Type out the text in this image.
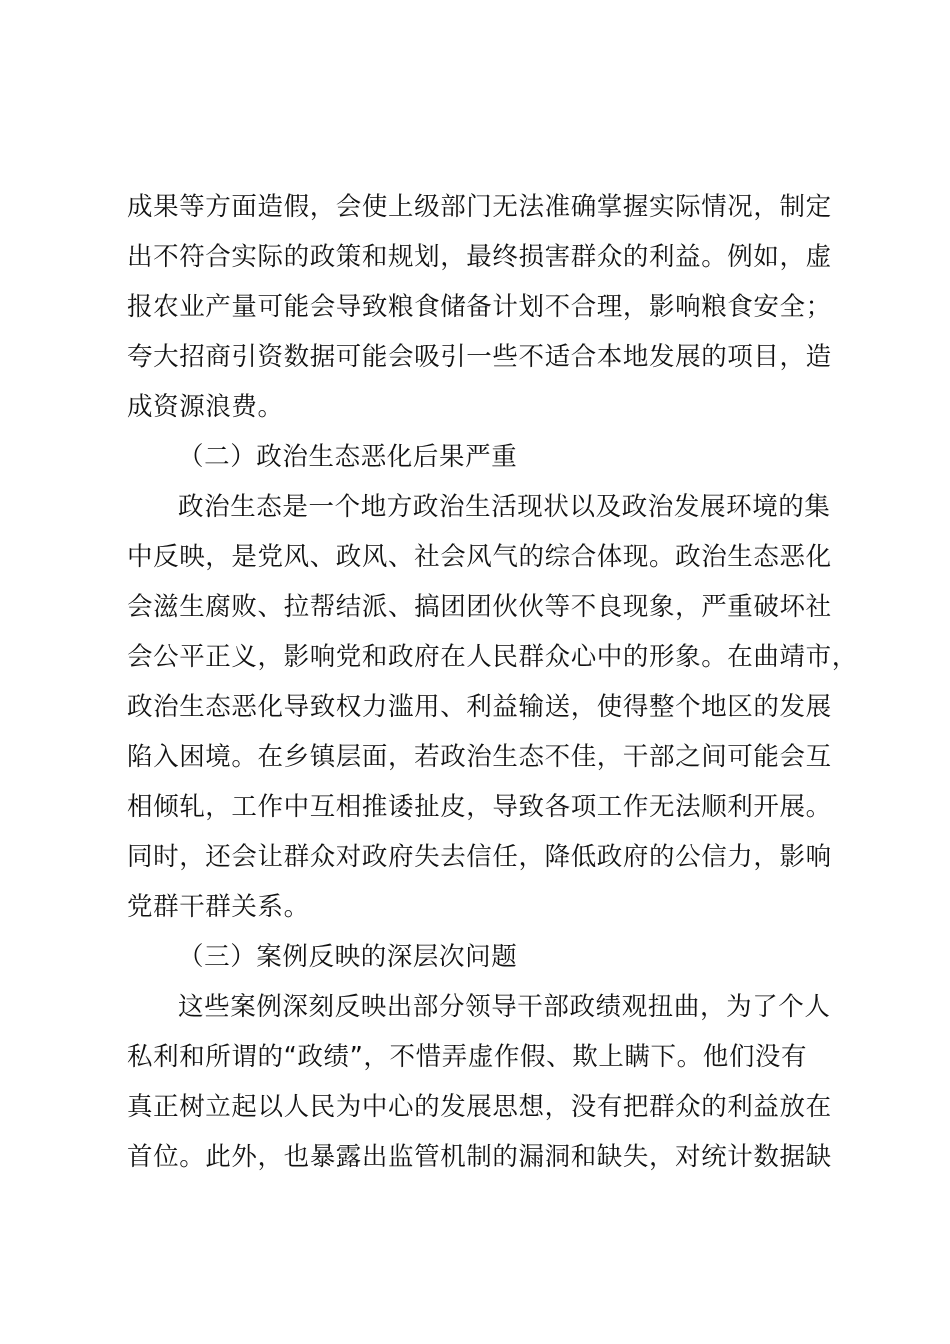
成果等方面造假，会使上级部门无法准确掌握实际情况，制定
出不符合实际的政策和规划，最终损害群众的利益。例如，虚
报农业产量可能会导致粮食储备计划不合理，影响粮食安全；
夸大招商引资数据可能会吸引一些不适合本地发展的项目，造
成资源浪费。
（二）政治生态恶化后果严重
政治生态是一个地方政治生活现状以及政治发展环境的集
中反映，是党风、政风、社会风气的综合体现。政治生态恶化
会滋生腐败、拉帮结派、搞团团伙伙等不良现象，严重破坏社
会公平正义，影响党和政府在人民群众心中的形象。在曲靖市，
政治生态恶化导致权力滥用、利益输送，使得整个地区的发展
陷入困境。在乡镇层面，若政治生态不佳，干部之间可能会互
相倾轧，工作中互相推诿扯皮，导致各项工作无法顺利开展。
同时，还会让群众对政府失去信任，降低政府的公信力，影响
党群干群关系。
（三）案例反映的深层次问题
这些案例深刻反映出部分领导干部政绩观扭曲，为了个人
私利和所谓的“政绩”，不惜弄虚作假、欺上瞒下。他们没有
真正树立起以人民为中心的发展思想，没有把群众的利益放在
首位。此外，也暴露出监管机制的漏洞和缺失，对统计数据缺
